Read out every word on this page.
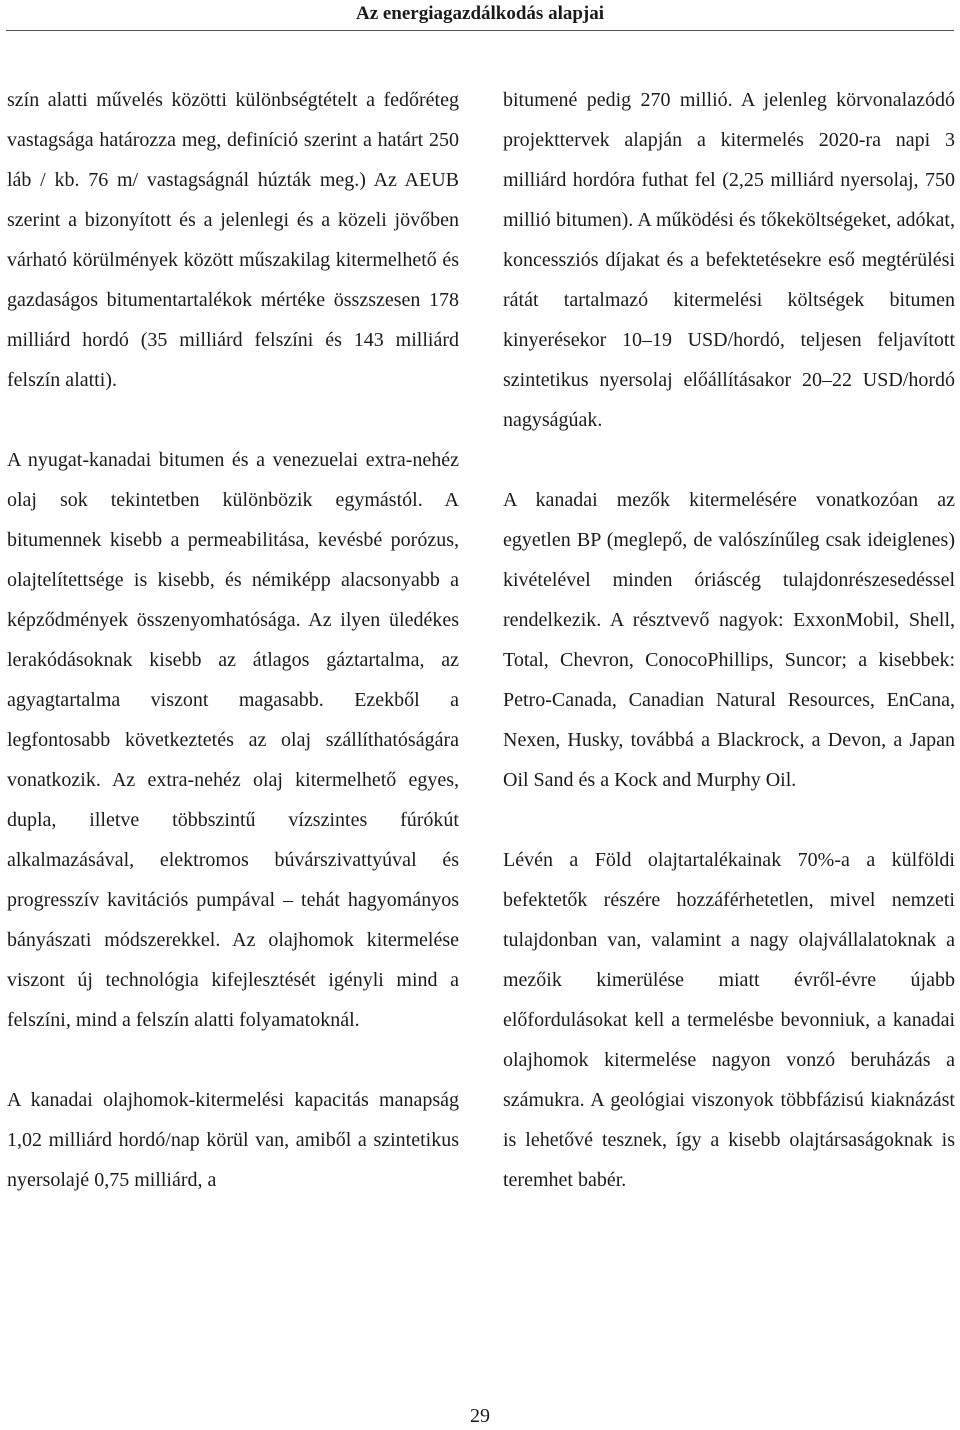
Az energiagazdálkodás alapjai

szín alatti művelés közötti különbségtételt a fedőréteg vastagsága határozza meg, definíció szerint a határt 250 láb / kb. 76 m/ vastagságnál húzták meg.) Az AEUB szerint a bizonyított és a jelenlegi és a közeli jövőben várható körülmények között műszakilag kitermelhető és gazdaságos bitumentartalékok mértéke összszesen 178 milliárd hordó (35 milliárd felszíni és 143 milliárd felszín alatti).

A nyugat-kanadai bitumen és a venezuelai extra-nehéz olaj sok tekintetben különbözik egymástól. A bitumennek kisebb a permeabilitása, kevésbé porózus, olajtelítettsége is kisebb, és némiképp alacsonyabb a képződmények összenyomhatósága. Az ilyen üledékes lerakódásoknak kisebb az átlagos gáztartalma, az agyagtartalma viszont magasabb. Ezekből a legfontosabb következtetés az olaj szállíthatóságára vonatkozik. Az extra-nehéz olaj kitermelhető egyes, dupla, illetve többszintű vízszintes fúrókút alkalmazásával, elektromos búvárszivattyúval és progresszív kavitációs pumpával – tehát hagyományos bányászati módszerekkel. Az olajhomok kitermelése viszont új technológia kifejlesztését igényli mind a felszíni, mind a felszín alatti folyamatoknál.

A kanadai olajhomok-kitermelési kapacitás manapság 1,02 milliárd hordó/nap körül van, amiből a szintetikus nyersolajé 0,75 milliárd, a

bitumené pedig 270 millió. A jelenleg körvonalazódó projekttervek alapján a kitermelés 2020-ra napi 3 milliárd hordóra futhat fel (2,25 milliárd nyersolaj, 750 millió bitumen). A működési és tőkeköltségeket, adókat, koncessziós díjakat és a befektetésekre eső megtérülési rátát tartalmazó kitermelési költségek bitumen kinyerésekor 10–19 USD/hordó, teljesen feljavított szintetikus nyersolaj előállításakor 20–22 USD/hordó nagyságúak.

A kanadai mezők kitermelésére vonatkozóan az egyetlen BP (meglepő, de valószínűleg csak ideiglenes) kivételével minden óriáscég tulajdonrészesedéssel rendelkezik. A résztvevő nagyok: ExxonMobil, Shell, Total, Chevron, ConocoPhillips, Suncor; a kisebbek: Petro-Canada, Canadian Natural Resources, EnCana, Nexen, Husky, továbbá a Blackrock, a Devon, a Japan Oil Sand és a Kock and Murphy Oil.

Lévén a Föld olajtartalékainak 70%-a a külföldi befektetők részére hozzáférhetetlen, mivel nemzeti tulajdonban van, valamint a nagy olajvállalatoknak a mezőik kimerülése miatt évről-évre újabb előfordulásokat kell a termelésbe bevonniuk, a kanadai olajhomok kitermelése nagyon vonzó beruházás a számukra. A geológiai viszonyok többfázisú kiaknázást is lehetővé tesznek, így a kisebb olajtársaságoknak is teremhet babér.

29
